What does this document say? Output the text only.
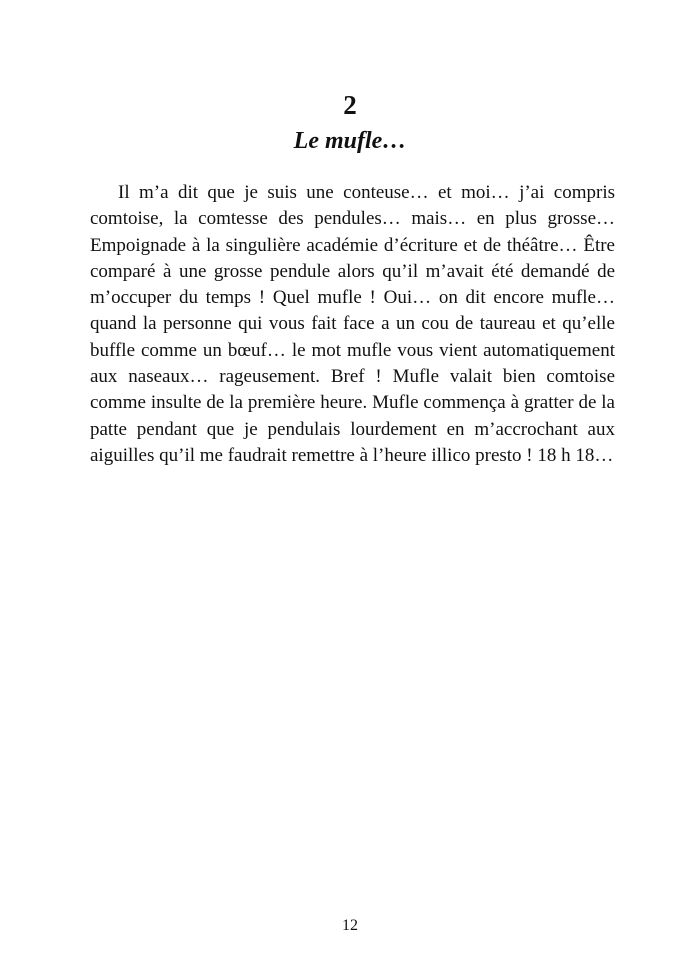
2
Le mufle…

Il m’a dit que je suis une conteuse… et moi… j’ai compris comtoise, la comtesse des pendules… mais… en plus grosse… Empoignade à la singulière académie d’écriture et de théâtre… Être comparé à une grosse pendule alors qu’il m’avait été demandé de m’occuper du temps ! Quel mufle ! Oui… on dit encore mufle… quand la personne qui vous fait face a un cou de taureau et qu’elle buffle comme un bœuf… le mot mufle vous vient automatiquement aux naseaux… rageusement. Bref ! Mufle valait bien comtoise comme insulte de la première heure. Mufle commença à gratter de la patte pendant que je pendulais lourdement en m’accrochant aux aiguilles qu’il me faudrait remettre à l’heure illico presto ! 18 h 18…

12
